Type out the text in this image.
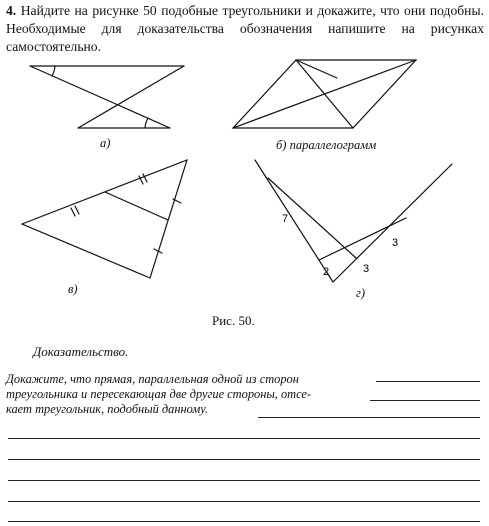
4. Найдите на рисунке 50 подобные треугольники и докажите, что они подобны. Необходимые для доказательства обозначения напишите на рисунках самостоятельно.
7
2	3
3
а)	б) параллелограмм
в)	г)
Рис. 50.
Доказательство.
Докажите, что прямая, параллельная одной из сторон
треугольника и пересекающая две другие стороны, отсе-
кает треугольник, подобный данному.
